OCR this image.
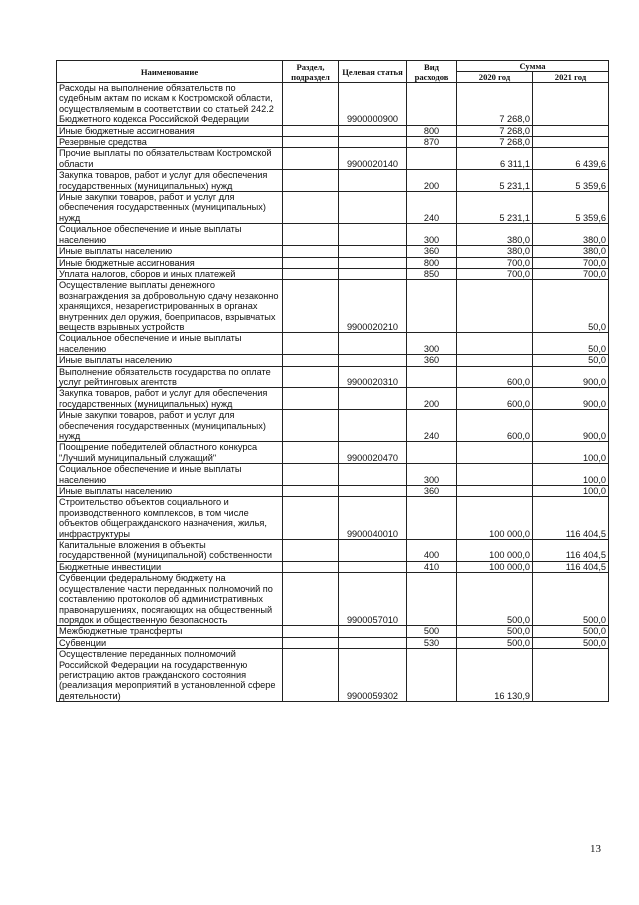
Наименование	Раздел, подраздел	Целевая статья	Вид расходов	Сумма	
				2020 год	2021 год
Расходы на выполнение обязательств по судебным актам по искам к Костромской области, осуществляемым в соответствии со статьей 242.2 Бюджетного кодекса Российской Федерации		9900000900		7 268,0	
Иные бюджетные ассигнования			800	7 268,0	
Резервные средства			870	7 268,0	
Прочие выплаты по обязательствам Костромской области		9900020140		6 311,1	6 439,6
Закупка товаров, работ и услуг для обеспечения государственных (муниципальных) нужд			200	5 231,1	5 359,6
Иные закупки товаров, работ и услуг для обеспечения государственных (муниципальных) нужд			240	5 231,1	5 359,6
Социальное обеспечение и иные выплаты населению			300	380,0	380,0
Иные выплаты населению			360	380,0	380,0
Иные бюджетные ассигнования			800	700,0	700,0
Уплата налогов, сборов и иных платежей			850	700,0	700,0
Осуществление выплаты денежного вознаграждения за добровольную сдачу незаконно хранящихся, незарегистрированных в органах внутренних дел оружия, боеприпасов, взрывчатых веществ взрывных устройств		9900020210			50,0
Социальное обеспечение и иные выплаты населению			300		50,0
Иные выплаты населению			360		50,0
Выполнение обязательств государства по оплате услуг рейтинговых агентств		9900020310		600,0	900,0
Закупка товаров, работ и услуг для обеспечения государственных (муниципальных) нужд			200	600,0	900,0
Иные закупки товаров, работ и услуг для обеспечения государственных (муниципальных) нужд			240	600,0	900,0
Поощрение победителей областного конкурса "Лучший муниципальный служащий"		9900020470			100,0
Социальное обеспечение и иные выплаты населению			300		100,0
Иные выплаты населению			360		100,0
Строительство объектов социального и производственного комплексов, в том числе объектов общегражданского назначения, жилья, инфраструктуры		9900040010		100 000,0	116 404,5
Капитальные вложения в объекты государственной (муниципальной) собственности			400	100 000,0	116 404,5
Бюджетные инвестиции			410	100 000,0	116 404,5
Субвенции федеральному бюджету на осуществление части переданных полномочий по составлению протоколов об административных правонарушениях, посягающих на общественный порядок и общественную безопасность		9900057010		500,0	500,0
Межбюджетные трансферты			500	500,0	500,0
Субвенции			530	500,0	500,0
Осуществление переданных полномочий Российской Федерации на государственную регистрацию актов гражданского состояния (реализация мероприятий в установленной сфере деятельности)		9900059302		16 130,9	
13
